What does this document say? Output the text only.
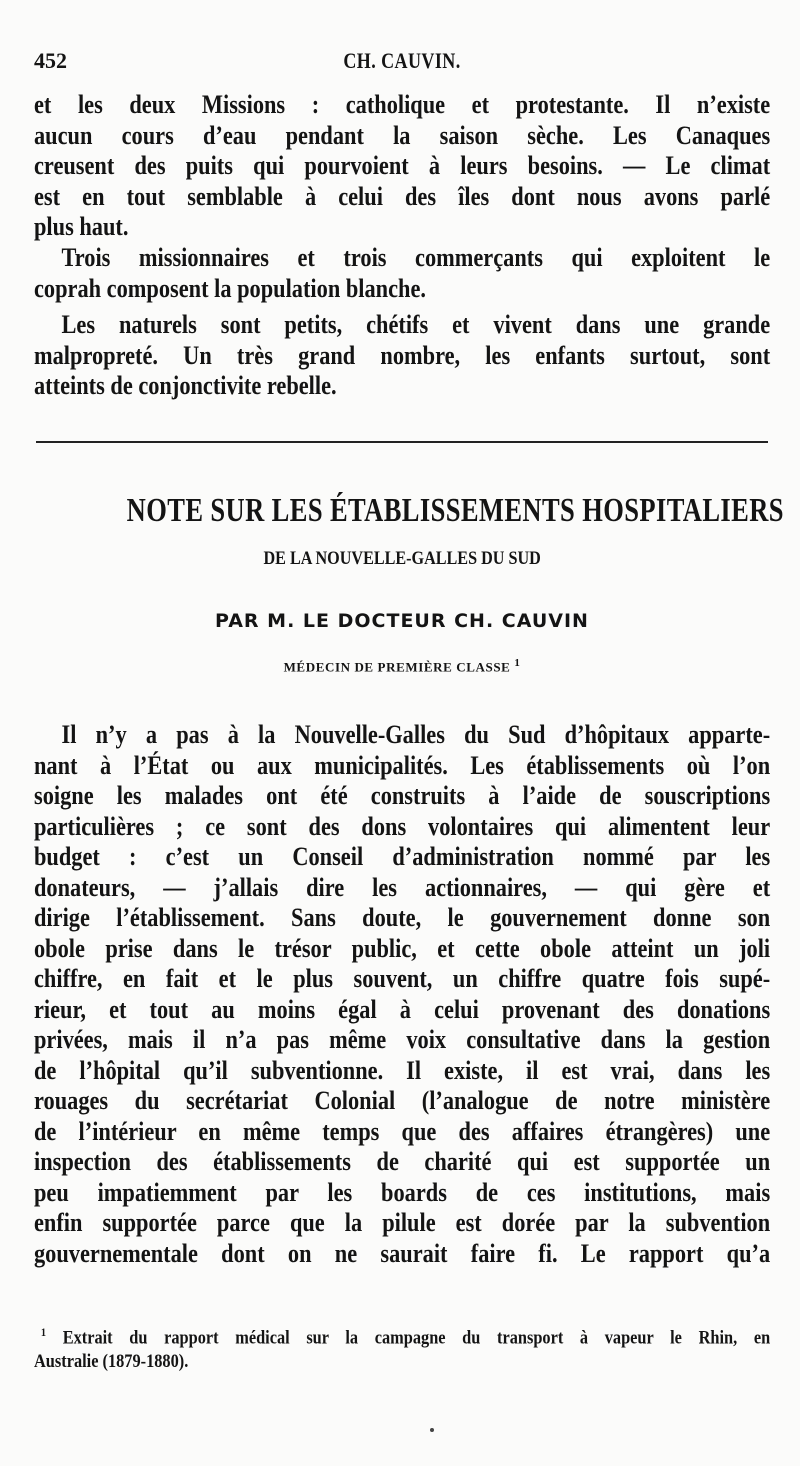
452	CH. CAUVIN.
et les deux Missions : catholique et protestante. Il n’existe
aucun cours d’eau pendant la saison sèche. Les Canaques
creusent des puits qui pourvoient à leurs besoins. — Le climat
est en tout semblable à celui des îles dont nous avons parlé
plus haut.
Trois missionnaires et trois commerçants qui exploitent le
coprah composent la population blanche.
Les naturels sont petits, chétifs et vivent dans une grande
malpropreté. Un très grand nombre, les enfants surtout, sont
atteints de conjonctivite rebelle.
NOTE SUR LES ÉTABLISSEMENTS HOSPITALIERS
DE LA NOUVELLE-GALLES DU SUD
PAR M. LE DOCTEUR CH. CAUVIN
MÉDECIN DE PREMIÈRE CLASSE $^1$
Il n’y a pas à la Nouvelle-Galles du Sud d’hôpitaux apparte-
nant à l’État ou aux municipalités. Les établissements où l’on
soigne les malades ont été construits à l’aide de souscriptions
particulières ; ce sont des dons volontaires qui alimentent leur
budget : c’est un Conseil d’administration nommé par les
donateurs, — j’allais dire les actionnaires, — qui gère et
dirige l’établissement. Sans doute, le gouvernement donne son
obole prise dans le trésor public, et cette obole atteint un joli
chiffre, en fait et le plus souvent, un chiffre quatre fois supé-
rieur, et tout au moins égal à celui provenant des donations
privées, mais il n’a pas même voix consultative dans la gestion
de l’hôpital qu’il subventionne. Il existe, il est vrai, dans les
rouages du secrétariat Colonial (l’analogue de notre ministère
de l’intérieur en même temps que des affaires étrangères) une
inspection des établissements de charité qui est supportée un
peu impatiemment par les boards de ces institutions, mais
enfin supportée parce que la pilule est dorée par la subvention
gouvernementale dont on ne saurait faire fi. Le rapport qu’a
$^1$ Extrait du rapport médical sur la campagne du transport à vapeur le Rhin, en
Australie (1879-1880).
